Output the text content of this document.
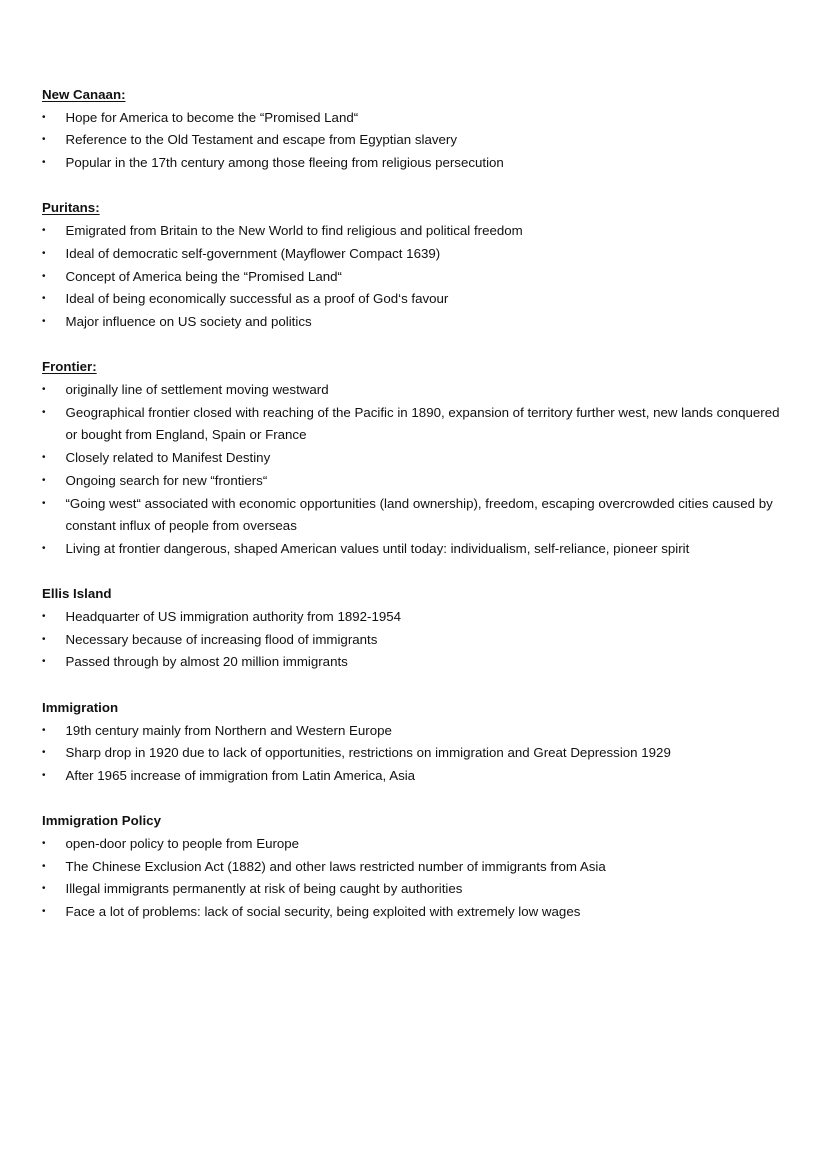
New Canaan:

•	Hope for America to become the “Promised Land“
•	Reference to the Old Testament and escape from Egyptian slavery
•	Popular in the 17th century among those fleeing from religious persecution

Puritans:

•	Emigrated from Britain to the New World to find religious and political freedom
•	Ideal of democratic self-government (Mayflower Compact 1639)
•	Concept of America being the “Promised Land“
•	Ideal of being economically successful as a proof of God‘s favour
•	Major influence on US society and politics

Frontier:

•	originally line of settlement moving westward
•	Geographical frontier closed with reaching of the Pacific in 1890, expansion of territory further west, new lands conquered or bought from England, Spain or France
•	Closely related to Manifest Destiny
•	Ongoing search for new “frontiers“
•	“Going west“ associated with economic opportunities (land ownership), freedom, escaping overcrowded cities caused by constant influx of people from overseas
•	Living at frontier dangerous, shaped American values until today: individualism, self-reliance, pioneer spirit

Ellis Island

•	Headquarter of US immigration authority from 1892-1954
•	Necessary because of increasing flood of immigrants
•	Passed through by almost 20 million immigrants

Immigration

•	19th century mainly from Northern and Western Europe
•	Sharp drop in 1920 due to lack of opportunities, restrictions on immigration and Great Depression 1929
•	After 1965 increase of immigration from Latin America, Asia

Immigration Policy

•	open-door policy to people from Europe
•	The Chinese Exclusion Act (1882) and other laws restricted number of immigrants from Asia
•	Illegal immigrants permanently at risk of being caught by authorities
•	Face a lot of problems: lack of social security, being exploited with extremely low wages
